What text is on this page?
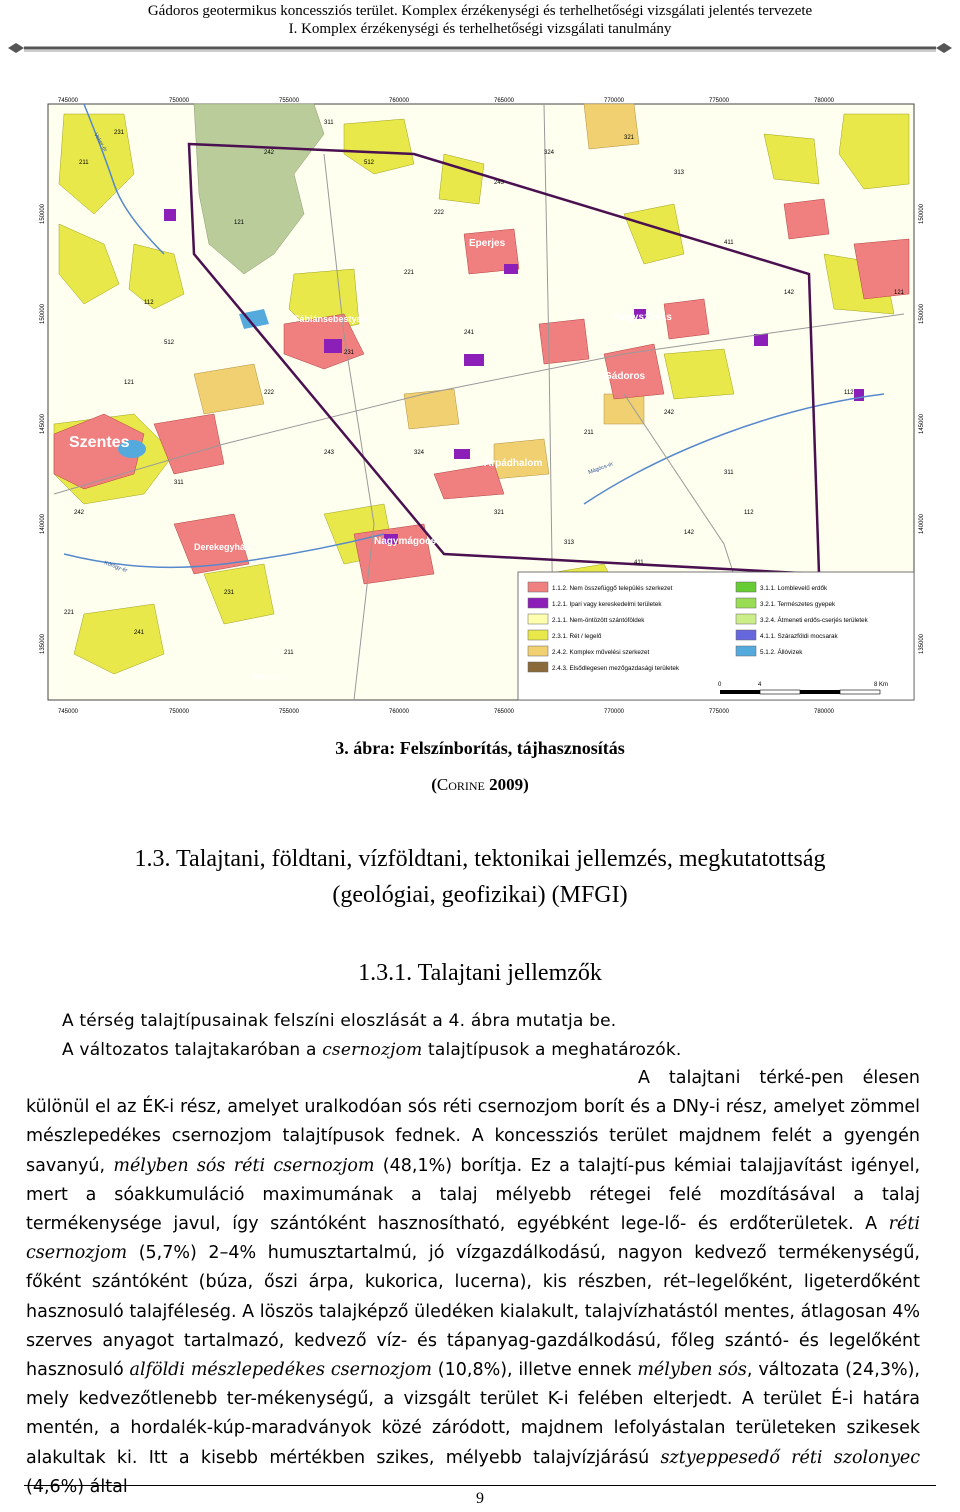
Gádoros geotermikus koncessziós terület. Komplex érzékenységi és terhelhetőségi vizsgálati jelentés tervezete
I. Komplex érzékenységi és terhelhetőségi vizsgálati tanulmány
1.1.2. Nem összefüggő település szerkezet
1.2.1. Ipari vagy kereskedelmi területek
2.1.1. Nem-öntözött szántóföldek
2.3.1. Rét / legelő
2.4.2. Komplex művelési szerkezet
2.4.3. Elsődlegesen mezőgazdasági területek
3.1.1. Lomblevelű erdők
3.2.1. Természetes gyepek
3.2.4. Átmeneti erdős-cserjés területek
4.1.1. Szárazföldi mocsarak
5.1.2. Állóvizek
0	4	8 Km
745000	750000	755000	760000	765000	770000	775000	780000
745000	750000	755000	760000	765000	770000	775000	780000
150000
150000
145000
140000
135000
150000
150000
145000
140000
135000
Szentes
Fábiánsebestyén
Eperjes
Nagyszénás
Gádoros
Árpádhalom
Derekegyház	Nagymágocs
Tompahát
Veker-ér
Kórógy-ér
Mágócs-ér
231
211
242
311
112
121
512
222
243
324
321
313
411
142
221
241
231
211
242
311
112
121
512
222
243	324
321
313
411
142
221
241
231
211
242
311
112
121
3. ábra: Felszínborítás, tájhasznosítás
(Corine 2009)
1.3. Talajtani, földtani, vízföldtani, tektonikai jellemzés, megkutatottság
(geológiai, geofizikai) (MFGI)
1.3.1. Talajtani jellemzők
A térség talajtípusainak felszíni eloszlását a 4. ábra mutatja be.
A változatos talajtakaróban a csernozjom talajtípusok a meghatározók.
A talajtani térké-pen élesen különül el az ÉK-i rész, amelyet uralkodóan sós réti csernozjom borít és a DNy-i rész, amelyet zömmel mészlepedékes csernozjom talajtípusok fednek. A koncessziós terület majdnem felét a gyengén savanyú, mélyben sós réti csernozjom (48,1%) borítja. Ez a talajtí-pus kémiai talajjavítást igényel, mert a sóakkumuláció maximumának a talaj mélyebb rétegei felé mozdításával a talaj termékenysége javul, így szántóként hasznosítható, egyébként lege-lő- és erdőterületek. A réti csernozjom (5,7%) 2–4% humusztartalmú, jó vízgazdálkodású, nagyon kedvező termékenységű, főként szántóként (búza, őszi árpa, kukorica, lucerna), kis részben, rét–legelőként, ligeterdőként hasznosuló talajféleség. A löszös talajképző üledéken kialakult, talajvízhatástól mentes, átlagosan 4% szerves anyagot tartalmazó, kedvező víz- és tápanyag-gazdálkodású, főleg szántó- és legelőként hasznosuló alföldi mészlepedékes csernozjom (10,8%), illetve ennek mélyben sós, változata (24,3%), mely kedvezőtlenebb ter-mékenységű, a vizsgált terület K-i felében elterjedt. A terület É-i határa mentén, a hordalék-kúp-maradványok közé záródott, majdnem lefolyástalan területeken szikesek alakultak ki. Itt a kisebb mértékben szikes, mélyebb talajvízjárású sztyeppesedő réti szolonyec (4,6%) által
9
